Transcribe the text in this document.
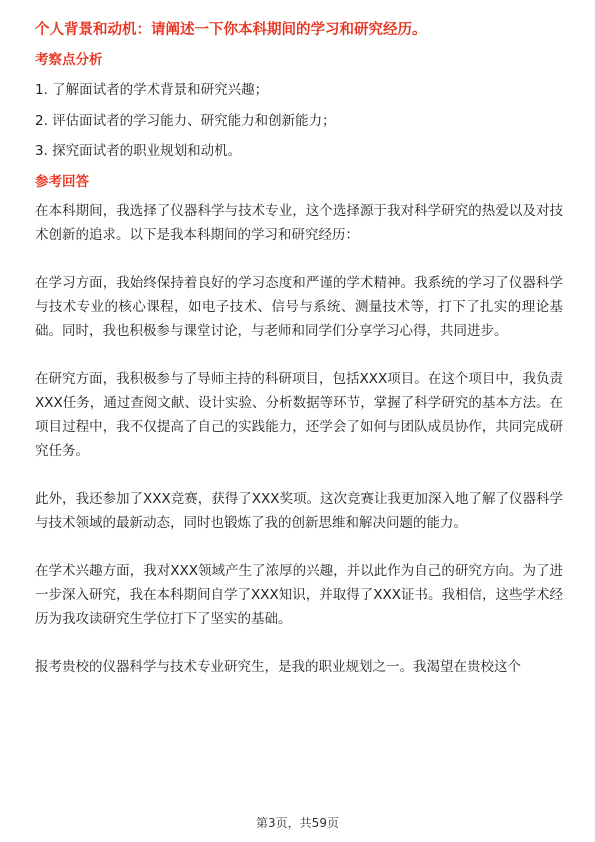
个人背景和动机：请阐述一下你本科期间的学习和研究经历。
考察点分析
1. 了解面试者的学术背景和研究兴趣；
2. 评估面试者的学习能力、研究能力和创新能力；
3. 探究面试者的职业规划和动机。
参考回答

在本科期间，我选择了仪器科学与技术专业，这个选择源于我对科学研究的热爱以及对技术创新的追求。以下是我本科期间的学习和研究经历：

在学习方面，我始终保持着良好的学习态度和严谨的学术精神。我系统的学习了仪器科学与技术专业的核心课程，如电子技术、信号与系统、测量技术等，打下了扎实的理论基础。同时，我也积极参与课堂讨论，与老师和同学们分享学习心得，共同进步。

在研究方面，我积极参与了导师主持的科研项目，包括XXX项目。在这个项目中，我负责XXX任务，通过查阅文献、设计实验、分析数据等环节，掌握了科学研究的基本方法。在项目过程中，我不仅提高了自己的实践能力，还学会了如何与团队成员协作，共同完成研究任务。

此外，我还参加了XXX竞赛，获得了XXX奖项。这次竞赛让我更加深入地了解了仪器科学与技术领域的最新动态，同时也锻炼了我的创新思维和解决问题的能力。

在学术兴趣方面，我对XXX领域产生了浓厚的兴趣，并以此作为自己的研究方向。为了进一步深入研究，我在本科期间自学了XXX知识，并取得了XXX证书。我相信，这些学术经历为我攻读研究生学位打下了坚实的基础。

报考贵校的仪器科学与技术专业研究生，是我的职业规划之一。我渴望在贵校这个

第3页，共59页
